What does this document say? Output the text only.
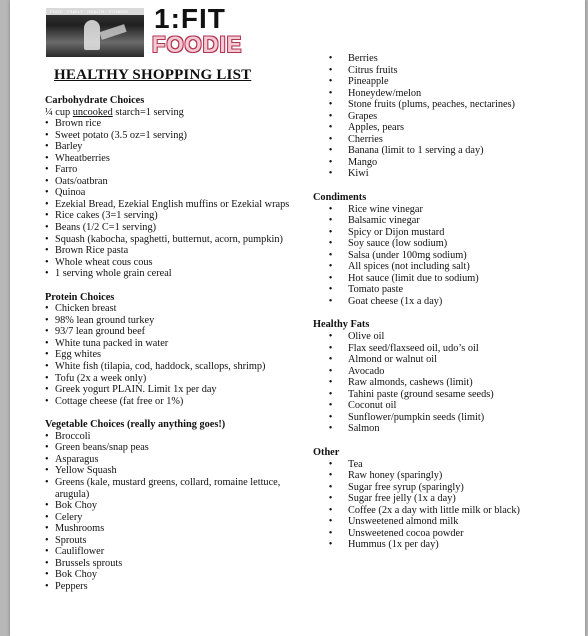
FOOD · FAMILY · HEALTH · FITNESS 1:FIT
FOODIE
HEALTHY SHOPPING LIST

Carbohydrate Choices

¼ cup uncooked starch=1 serving

• Brown rice
• Sweet potato (3.5 oz=1 serving)
• Barley
• Wheatberries
• Farro
• Oats/oatbran
• Quinoa
• Ezekial Bread, Ezekial English muffins or Ezekial wraps
• Rice cakes (3=1 serving)
• Beans (1/2 C=1 serving)
• Squash (kabocha, spaghetti, butternut, acorn, pumpkin)
• Brown Rice pasta
• Whole wheat cous cous
• 1 serving whole grain cereal

Protein Choices

• Chicken breast
• 98% lean ground turkey
• 93/7 lean ground beef
• White tuna packed in water
• Egg whites
• White fish (tilapia, cod, haddock, scallops, shrimp)
• Tofu (2x a week only)
• Greek yogurt PLAIN. Limit 1x per day
• Cottage cheese (fat free or 1%)

Vegetable Choices (really anything goes!)

• Broccoli
• Green beans/snap peas
• Asparagus
• Yellow Squash
• Greens (kale, mustard greens, collard, romaine lettuce, arugula)
• Bok Choy
• Celery
• Mushrooms
• Sprouts
• Cauliflower
• Brussels sprouts
• Bok Choy
• Peppers
•	Berries
•	Citrus fruits
•	Pineapple
•	Honeydew/melon
•	Stone fruits (plums, peaches, nectarines)
•	Grapes
•	Apples, pears
•	Cherries
•	Banana (limit to 1 serving a day)
•	Mango
•	Kiwi

Condiments

•	Rice wine vinegar
•	Balsamic vinegar
•	Spicy or Dijon mustard
•	Soy sauce (low sodium)
•	Salsa (under 100mg sodium)
•	All spices (not including salt)
•	Hot sauce (limit due to sodium)
•	Tomato paste
•	Goat cheese (1x a day)

Healthy Fats

•	Olive oil
•	Flax seed/flaxseed oil, udo’s oil
•	Almond or walnut oil
•	Avocado
•	Raw almonds, cashews (limit)
•	Tahini paste (ground sesame seeds)
•	Coconut oil
•	Sunflower/pumpkin seeds (limit)
•	Salmon

Other

•	Tea
•	Raw honey (sparingly)
•	Sugar free syrup (sparingly)
•	Sugar free jelly (1x a day)
•	Coffee (2x a day with little milk or black)
•	Unsweetened almond milk
•	Unsweetened cocoa powder
•	Hummus (1x per day)
